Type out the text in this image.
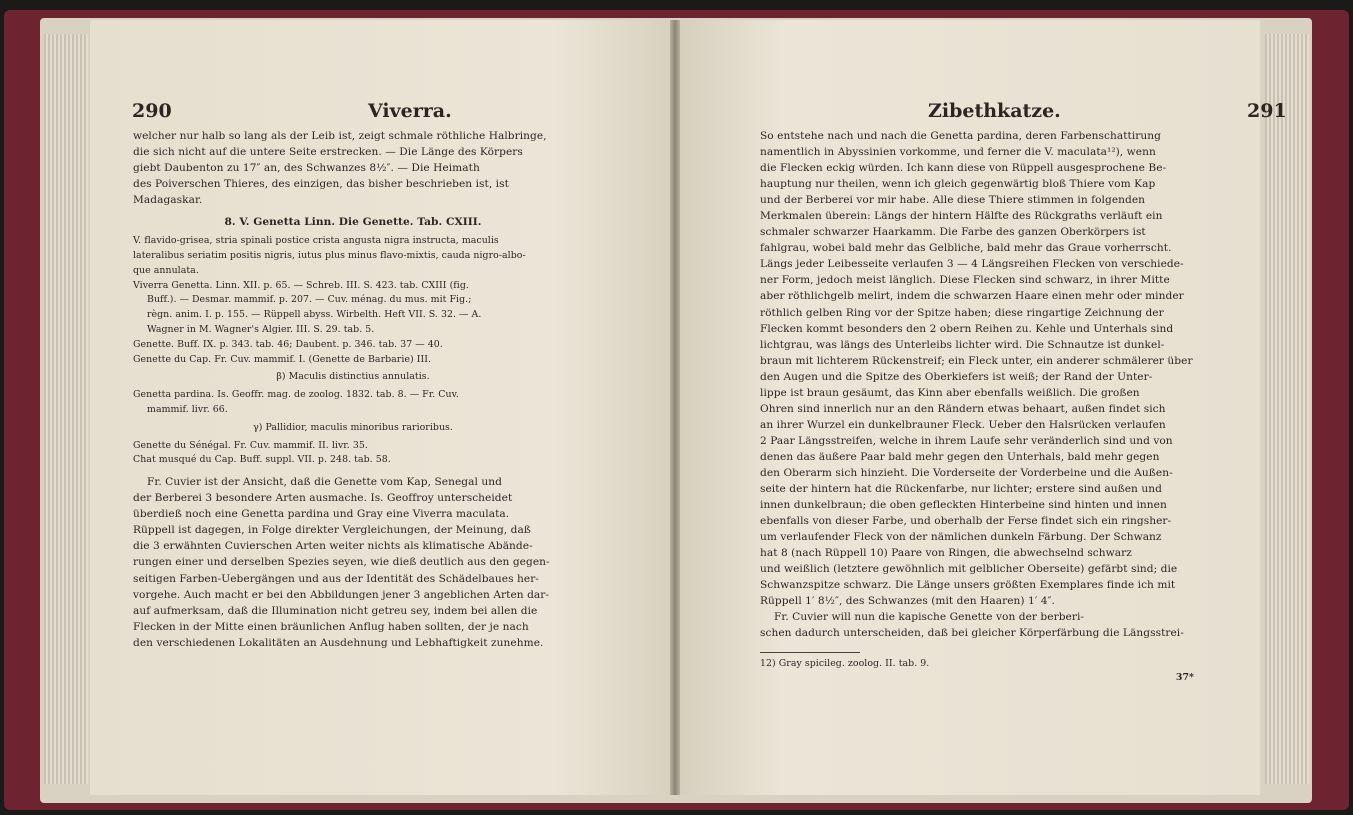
290	Viverra.	Zibethkatze.	291

welcher nur halb so lang als der Leib ist, zeigt schmale röthliche Halbringe,

die sich nicht auf die untere Seite erstrecken. — Die Länge des Körpers

giebt Daubenton zu 17″ an, des Schwanzes 8½″. — Die Heimath

des Poiverschen Thieres, des einzigen, das bisher beschrieben ist, ist

Madagaskar.

8. V. Genetta Linn. Die Genette. Tab. CXIII.

V. flavido-grisea, stria spinali postice crista angusta nigra instructa, maculis

lateralibus seriatim positis nigris, iutus plus minus flavo-mixtis, cauda nigro-albo-

que annulata.

Viverra Genetta. Linn. XII. p. 65. — Schreb. III. S. 423. tab. CXIII (fig.

Buff.). — Desmar. mammif. p. 207. — Cuv. ménag. du mus. mit Fig.;

règn. anim. I. p. 155. — Rüppell abyss. Wirbelth. Heft VII. S. 32. — A.

Wagner in M. Wagner's Algier. III. S. 29. tab. 5.

Genette. Buff. IX. p. 343. tab. 46; Daubent. p. 346. tab. 37 — 40.

Genette du Cap. Fr. Cuv. mammif. I. (Genette de Barbarie) III.

β) Maculis distinctius annulatis.

Genetta pardina. Is. Geoffr. mag. de zoolog. 1832. tab. 8. — Fr. Cuv.

mammif. livr. 66.

γ) Pallidior, maculis minoribus rarioribus.

Genette du Sénégal. Fr. Cuv. mammif. II. livr. 35.

Chat musqué du Cap. Buff. suppl. VII. p. 248. tab. 58.

Fr. Cuvier ist der Ansicht, daß die Genette vom Kap, Senegal und

der Berberei 3 besondere Arten ausmache. Is. Geoffroy unterscheidet

überdieß noch eine Genetta pardina und Gray eine Viverra maculata.

Rüppell ist dagegen, in Folge direkter Vergleichungen, der Meinung, daß

die 3 erwähnten Cuvierschen Arten weiter nichts als klimatische Abände-

rungen einer und derselben Spezies seyen, wie dieß deutlich aus den gegen-

seitigen Farben-Uebergängen und aus der Identität des Schädelbaues her-

vorgehe. Auch macht er bei den Abbildungen jener 3 angeblichen Arten dar-

auf aufmerksam, daß die Illumination nicht getreu sey, indem bei allen die

Flecken in der Mitte einen bräunlichen Anflug haben sollten, der je nach

den verschiedenen Lokalitäten an Ausdehnung und Lebhaftigkeit zunehme.

So entstehe nach und nach die Genetta pardina, deren Farbenschattirung

namentlich in Abyssinien vorkomme, und ferner die V. maculata¹²), wenn

die Flecken eckig würden. Ich kann diese von Rüppell ausgesprochene Be-

hauptung nur theilen, wenn ich gleich gegenwärtig bloß Thiere vom Kap

und der Berberei vor mir habe. Alle diese Thiere stimmen in folgenden

Merkmalen überein: Längs der hintern Hälfte des Rückgraths verläuft ein

schmaler schwarzer Haarkamm. Die Farbe des ganzen Oberkörpers ist

fahlgrau, wobei bald mehr das Gelbliche, bald mehr das Graue vorherrscht.

Längs jeder Leibesseite verlaufen 3 — 4 Längsreihen Flecken von verschiede-

ner Form, jedoch meist länglich. Diese Flecken sind schwarz, in ihrer Mitte

aber röthlichgelb melirt, indem die schwarzen Haare einen mehr oder minder

röthlich gelben Ring vor der Spitze haben; diese ringartige Zeichnung der

Flecken kommt besonders den 2 obern Reihen zu. Kehle und Unterhals sind

lichtgrau, was längs des Unterleibs lichter wird. Die Schnautze ist dunkel-

braun mit lichterem Rückenstreif; ein Fleck unter, ein anderer schmälerer über

den Augen und die Spitze des Oberkiefers ist weiß; der Rand der Unter-

lippe ist braun gesäumt, das Kinn aber ebenfalls weißlich. Die großen

Ohren sind innerlich nur an den Rändern etwas behaart, außen findet sich

an ihrer Wurzel ein dunkelbrauner Fleck. Ueber den Halsrücken verlaufen

2 Paar Längsstreifen, welche in ihrem Laufe sehr veränderlich sind und von

denen das äußere Paar bald mehr gegen den Unterhals, bald mehr gegen

den Oberarm sich hinzieht. Die Vorderseite der Vorderbeine und die Außen-

seite der hintern hat die Rückenfarbe, nur lichter; erstere sind außen und

innen dunkelbraun; die oben gefleckten Hinterbeine sind hinten und innen

ebenfalls von dieser Farbe, und oberhalb der Ferse findet sich ein ringsher-

um verlaufender Fleck von der nämlichen dunkeln Färbung. Der Schwanz

hat 8 (nach Rüppell 10) Paare von Ringen, die abwechselnd schwarz

und weißlich (letztere gewöhnlich mit gelblicher Oberseite) gefärbt sind; die

Schwanzspitze schwarz. Die Länge unsers größten Exemplares finde ich mit

Rüppell 1′ 8½″, des Schwanzes (mit den Haaren) 1′ 4″.

Fr. Cuvier will nun die kapische Genette von der berberi-

schen dadurch unterscheiden, daß bei gleicher Körperfärbung die Längsstrei-

12) Gray spicileg. zoolog. II. tab. 9.

37*
